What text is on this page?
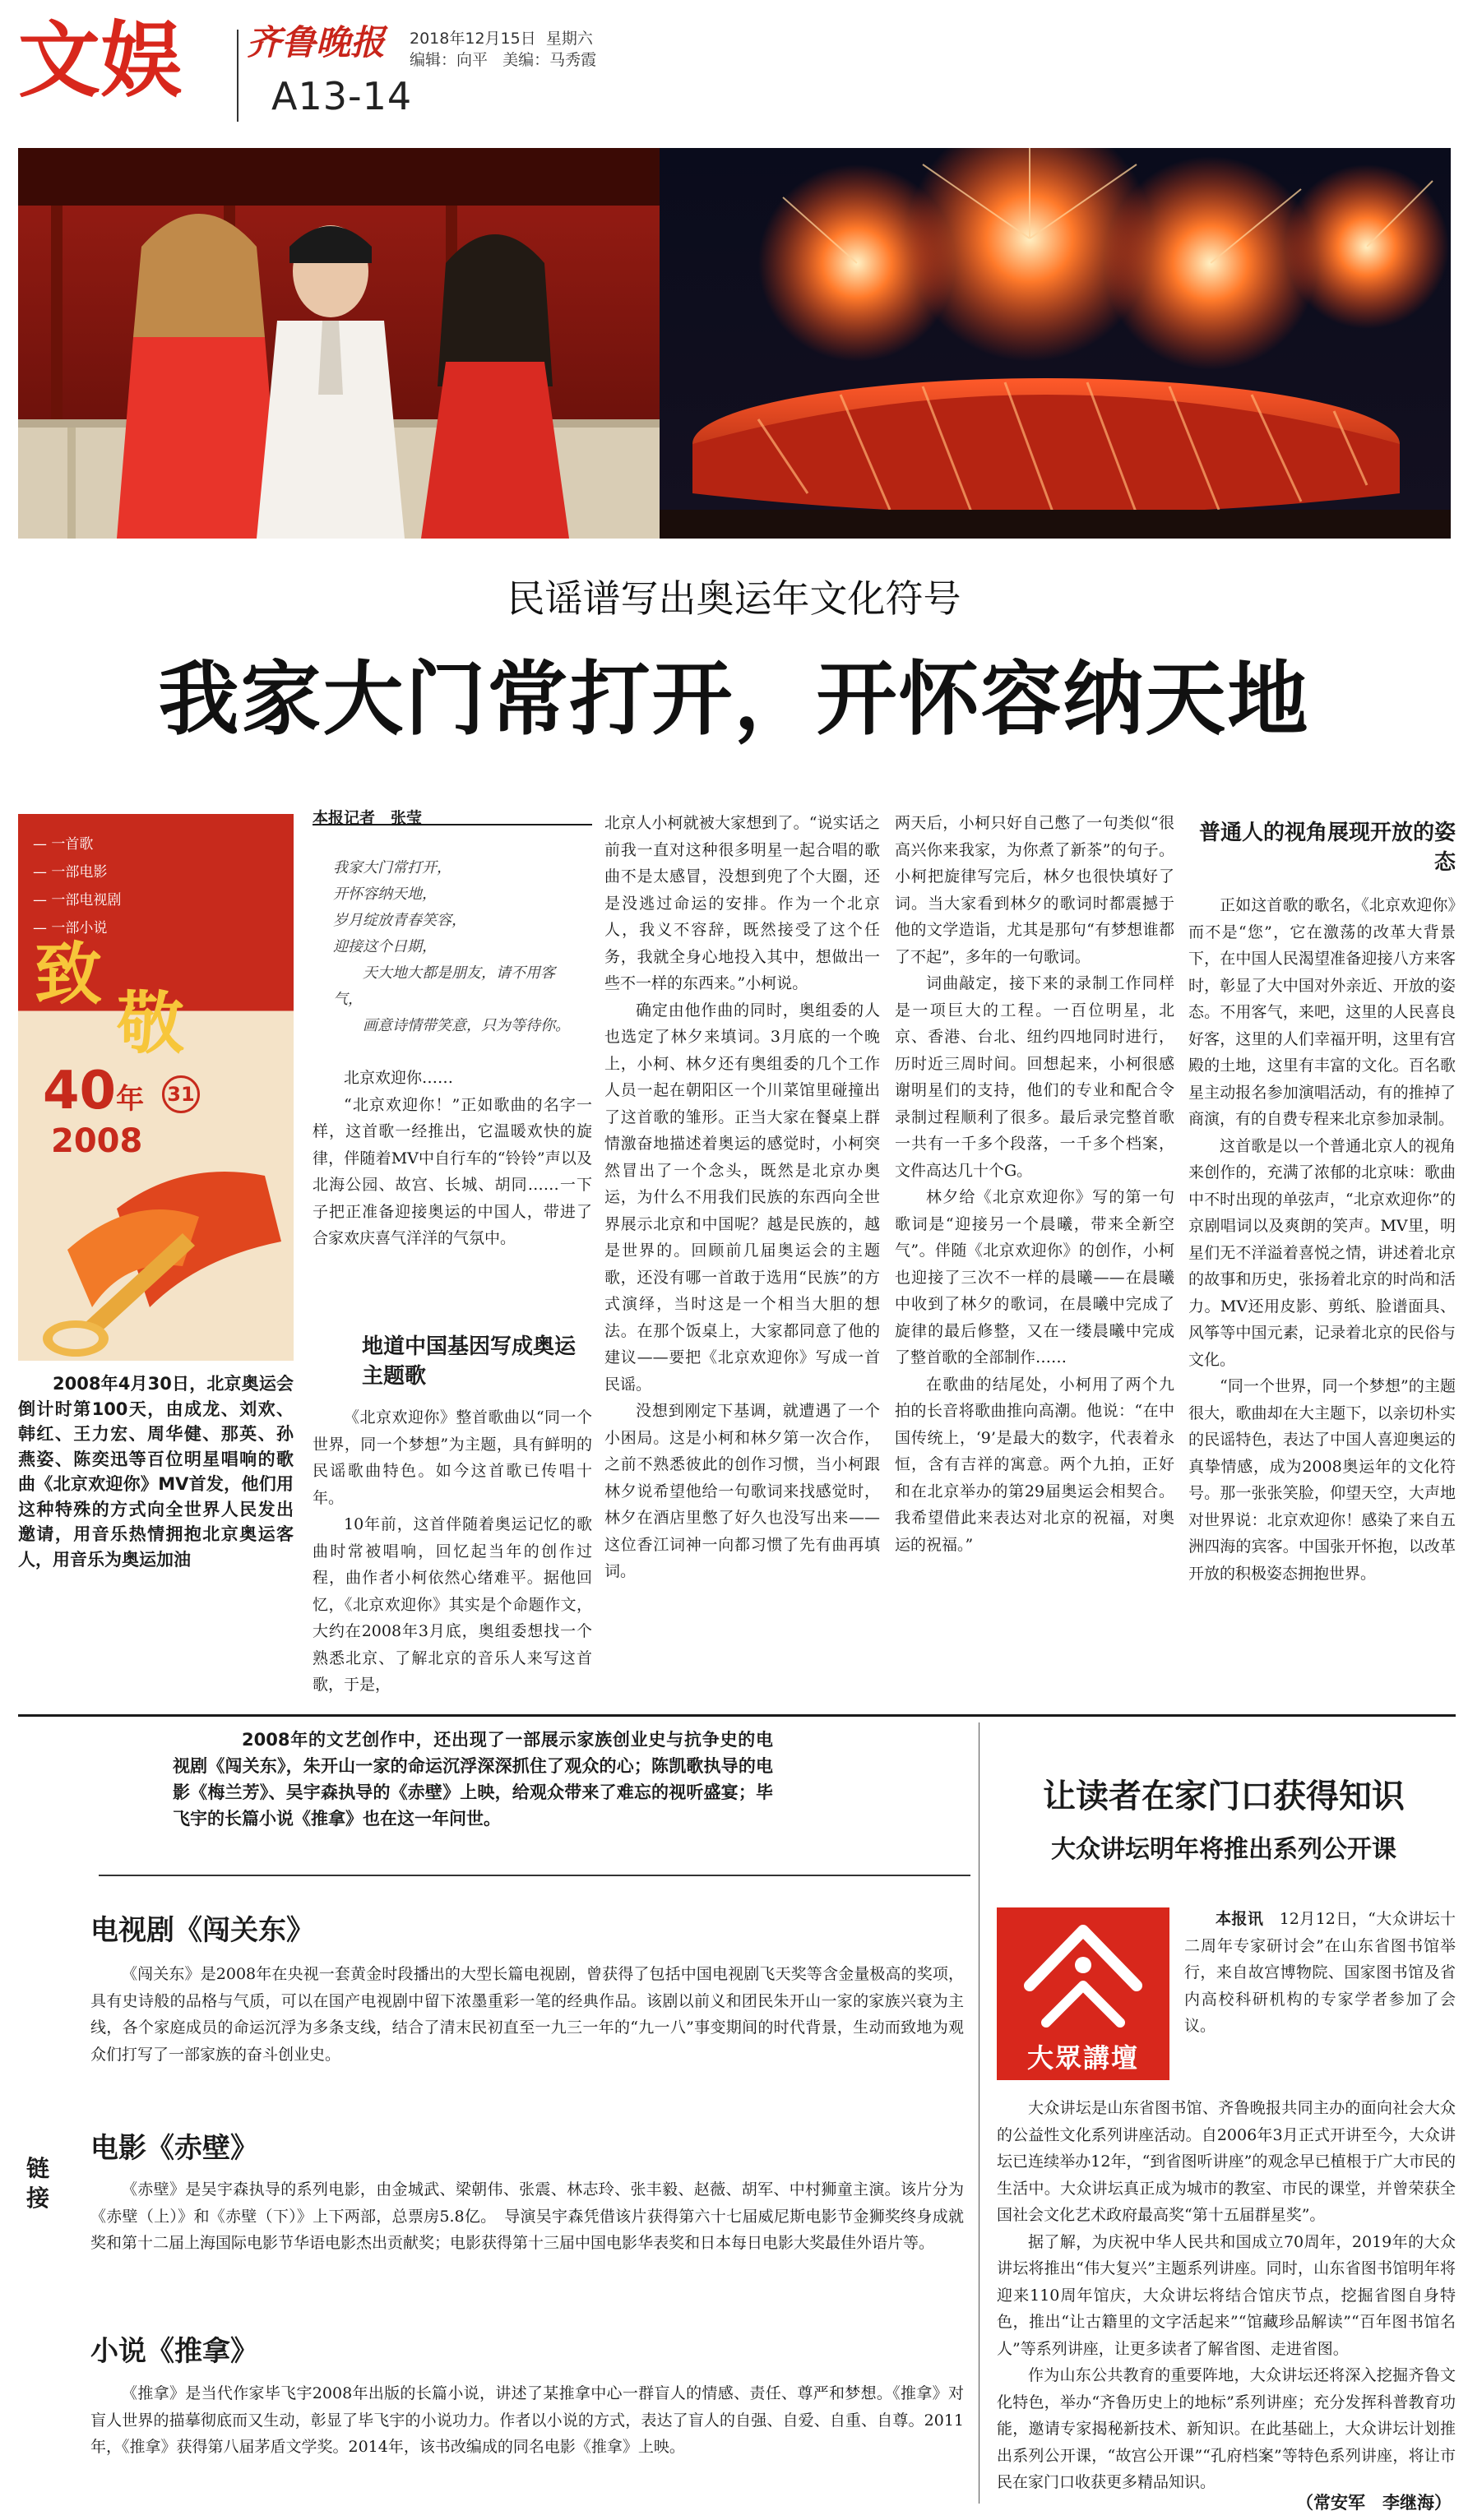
文娱 齐鲁晚报 2018年12月15日 星期六
编辑：向平 美编：马秀霞
A13-14
民谣谱写出奥运年文化符号
我家大门常打开，开怀容纳天地
— 一首歌
— 一部电影
— 一部电视剧
— 一部小说
致
敬
40年 31
2008
2008年4月30日，北京奥运会倒计时第100天，由成龙、刘欢、韩红、王力宏、周华健、那英、孙燕姿、陈奕迅等百位明星唱响的歌曲《北京欢迎你》MV首发，他们用这种特殊的方式向全世界人民发出邀请，用音乐热情拥抱北京奥运客人，用音乐为奥运加油
本报记者　张莹
我家大门常打开，
开怀容纳天地，
岁月绽放青春笑容，
迎接这个日期，
天大地大都是朋友，请不用客气，
画意诗情带笑意，只为等待你。

北京欢迎你……

“北京欢迎你！”正如歌曲的名字一样，这首歌一经推出，它温暖欢快的旋律，伴随着MV中自行车的“铃铃”声以及北海公园、故宫、长城、胡同……一下子把正准备迎接奥运的中国人，带进了合家欢庆喜气洋洋的气氛中。

地道中国基因写成奥运主题歌

《北京欢迎你》整首歌曲以“同一个世界，同一个梦想”为主题，具有鲜明的民谣歌曲特色。如今这首歌已传唱十年。

10年前，这首伴随着奥运记忆的歌曲时常被唱响，回忆起当年的创作过程，曲作者小柯依然心绪难平。据他回忆，《北京欢迎你》其实是个命题作文，大约在2008年3月底，奥组委想找一个熟悉北京、了解北京的音乐人来写这首歌，于是，

北京人小柯就被大家想到了。“说实话之前我一直对这种很多明星一起合唱的歌曲不是太感冒，没想到兜了个大圈，还是没逃过命运的安排。作为一个北京人，我义不容辞，既然接受了这个任务，我就全身心地投入其中，想做出一些不一样的东西来。”小柯说。

确定由他作曲的同时，奥组委的人也选定了林夕来填词。3月底的一个晚上，小柯、林夕还有奥组委的几个工作人员一起在朝阳区一个川菜馆里碰撞出了这首歌的雏形。正当大家在餐桌上群情激奋地描述着奥运的感觉时，小柯突然冒出了一个念头，既然是北京办奥运，为什么不用我们民族的东西向全世界展示北京和中国呢？越是民族的，越是世界的。回顾前几届奥运会的主题歌，还没有哪一首敢于选用“民族”的方式演绎，当时这是一个相当大胆的想法。在那个饭桌上，大家都同意了他的建议——要把《北京欢迎你》写成一首民谣。

没想到刚定下基调，就遭遇了一个小困局。这是小柯和林夕第一次合作，之前不熟悉彼此的创作习惯，当小柯跟林夕说希望他给一句歌词来找感觉时，林夕在酒店里憋了好久也没写出来——这位香江词神一向都习惯了先有曲再填词。

两天后，小柯只好自己憋了一句类似“很高兴你来我家，为你煮了新茶”的句子。小柯把旋律写完后，林夕也很快填好了词。当大家看到林夕的歌词时都震撼于他的文学造诣，尤其是那句“有梦想谁都了不起”，多年的一句歌词。

词曲敲定，接下来的录制工作同样是一项巨大的工程。一百位明星，北京、香港、台北、纽约四地同时进行，历时近三周时间。回想起来，小柯很感谢明星们的支持，他们的专业和配合令录制过程顺利了很多。最后录完整首歌一共有一千多个段落，一千多个档案，文件高达几十个G。

林夕给《北京欢迎你》写的第一句歌词是“迎接另一个晨曦，带来全新空气”。伴随《北京欢迎你》的创作，小柯也迎接了三次不一样的晨曦——在晨曦中收到了林夕的歌词，在晨曦中完成了旋律的最后修整，又在一缕晨曦中完成了整首歌的全部制作……

在歌曲的结尾处，小柯用了两个九拍的长音将歌曲推向高潮。他说：“在中国传统上，‘9’是最大的数字，代表着永恒，含有吉祥的寓意。两个九拍，正好和在北京举办的第29届奥运会相契合。我希望借此来表达对北京的祝福，对奥运的祝福。”

普通人的视角展现开放的姿态

正如这首歌的歌名，《北京欢迎你》而不是“您”，它在激荡的改革大背景下，在中国人民渴望准备迎接八方来客时，彰显了大中国对外亲近、开放的姿态。不用客气，来吧，这里的人民喜良好客，这里的人们幸福开明，这里有宫殿的土地，这里有丰富的文化。百名歌星主动报名参加演唱活动，有的推掉了商演，有的自费专程来北京参加录制。

这首歌是以一个普通北京人的视角来创作的，充满了浓郁的北京味：歌曲中不时出现的单弦声，“北京欢迎你”的京剧唱词以及爽朗的笑声。MV里，明星们无不洋溢着喜悦之情，讲述着北京的故事和历史，张扬着北京的时尚和活力。MV还用皮影、剪纸、脸谱面具、风筝等中国元素，记录着北京的民俗与文化。

“同一个世界，同一个梦想”的主题很大，歌曲却在大主题下，以亲切朴实的民谣特色，表达了中国人喜迎奥运的真挚情感，成为2008奥运年的文化符号。那一张张笑脸，仰望天空，大声地对世界说：北京欢迎你！感染了来自五洲四海的宾客。中国张开怀抱，以改革开放的积极姿态拥抱世界。

2008年的文艺创作中，还出现了一部展示家族创业史与抗争史的电视剧《闯关东》，朱开山一家的命运沉浮深深抓住了观众的心；陈凯歌执导的电影《梅兰芳》、吴宇森执导的《赤壁》上映，给观众带来了难忘的视听盛宴；毕飞宇的长篇小说《推拿》也在这一年问世。
链接
电视剧《闯关东》

《闯关东》是2008年在央视一套黄金时段播出的大型长篇电视剧，曾获得了包括中国电视剧飞天奖等含金量极高的奖项，具有史诗般的品格与气质，可以在国产电视剧中留下浓墨重彩一笔的经典作品。该剧以前义和团民朱开山一家的家族兴衰为主线，各个家庭成员的命运沉浮为多条支线，结合了清末民初直至一九三一年的“九一八”事变期间的时代背景，生动而致地为观众们打写了一部家族的奋斗创业史。

电影《赤壁》

《赤壁》是吴宇森执导的系列电影，由金城武、梁朝伟、张震、林志玲、张丰毅、赵薇、胡军、中村狮童主演。该片分为《赤壁（上）》和《赤壁（下）》上下两部，总票房5.8亿。　导演吴宇森凭借该片获得第六十七届威尼斯电影节金狮奖终身成就奖和第十二届上海国际电影节华语电影杰出贡献奖；电影获得第十三届中国电影华表奖和日本每日电影大奖最佳外语片等。

小说《推拿》

《推拿》是当代作家毕飞宇2008年出版的长篇小说，讲述了某推拿中心一群盲人的情感、责任、尊严和梦想。《推拿》对盲人世界的描摹彻底而又生动，彰显了毕飞宇的小说功力。作者以小说的方式，表达了盲人的自强、自爱、自重、自尊。2011年，《推拿》获得第八届茅盾文学奖。2014年，该书改编成的同名电影《推拿》上映。

让读者在家门口获得知识
大众讲坛明年将推出系列公开课
大眾講壇

本报讯　 12月12日，“大众讲坛十二周年专家研讨会”在山东省图书馆举行，来自故宫博物院、国家图书馆及省内高校科研机构的专家学者参加了会议。

大众讲坛是山东省图书馆、齐鲁晚报共同主办的面向社会大众的公益性文化系列讲座活动。自2006年3月正式开讲至今，大众讲坛已连续举办12年，“到省图听讲座”的观念早已植根于广大市民的生活中。大众讲坛真正成为城市的教室、市民的课堂，并曾荣获全国社会文化艺术政府最高奖“第十五届群星奖”。

据了解，为庆祝中华人民共和国成立70周年，2019年的大众讲坛将推出“伟大复兴”主题系列讲座。同时，山东省图书馆明年将迎来110周年馆庆，大众讲坛将结合馆庆节点，挖掘省图自身特色，推出“让古籍里的文字活起来”“馆藏珍品解读”“百年图书馆名人”等系列讲座，让更多读者了解省图、走进省图。

作为山东公共教育的重要阵地，大众讲坛还将深入挖掘齐鲁文化特色，举办“齐鲁历史上的地标”系列讲座；充分发挥科普教育功能，邀请专家揭秘新技术、新知识。在此基础上，大众讲坛计划推出系列公开课，“故宫公开课”“孔府档案”等特色系列讲座，将让市民在家门口收获更多精品知识。

（常安军　李继海）
